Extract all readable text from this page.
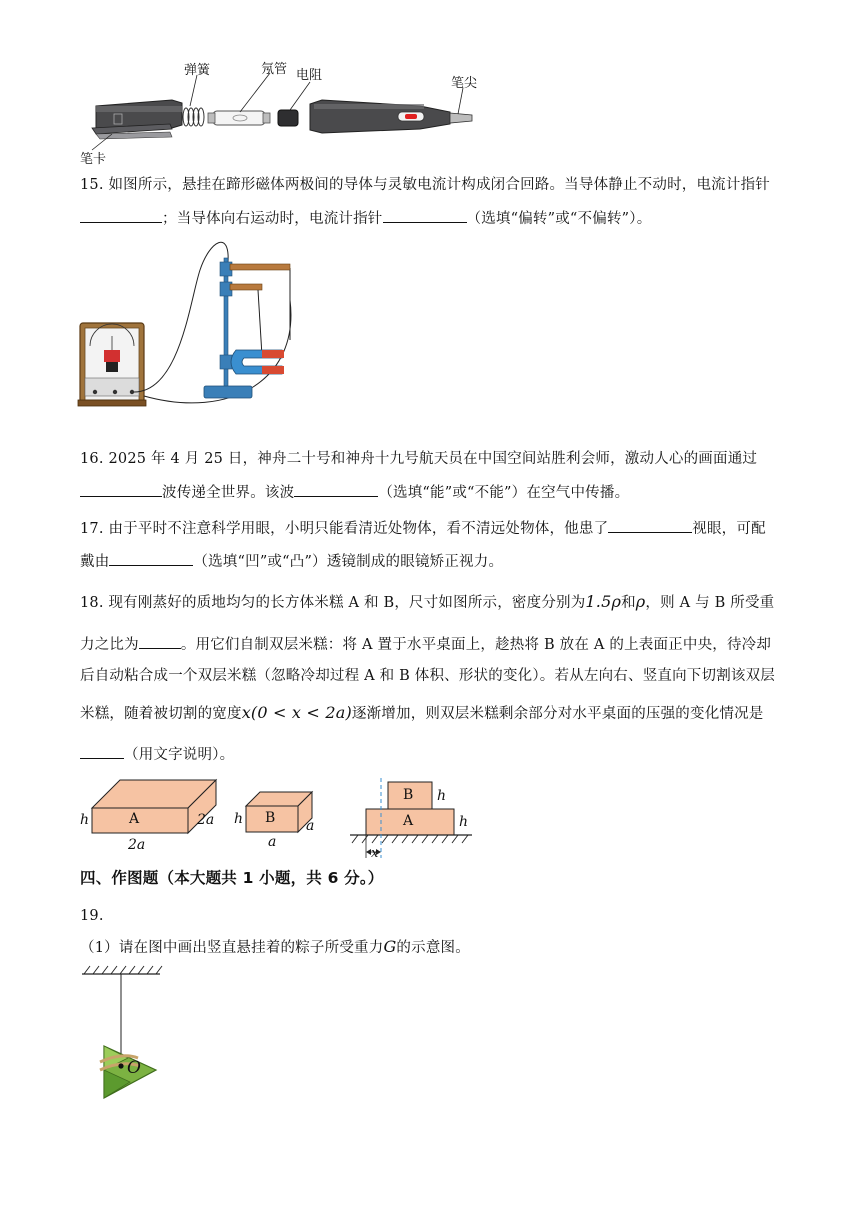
弹簧	氖管 电阻
笔尖
笔卡
15. 如图所示，悬挂在蹄形磁体两极间的导体与灵敏电流计构成闭合回路。当导体静止不动时，电流计指针
；当导体向右运动时，电流计指针	（选填“偏转”或“不偏转”）。
16. 2025 年 4 月 25 日，神舟二十号和神舟十九号航天员在中国空间站胜利会师，激动人心的画面通过
波传递全世界。该波	（选填“能”或“不能”）在空气中传播。
17. 由于平时不注意科学用眼，小明只能看清近处物体，看不清远处物体，他患了	视眼，可配
戴由	（选填“凹”或“凸”）透镜制成的眼镜矫正视力。
18. 现有刚蒸好的质地均匀的长方体米糕 A 和 B，尺寸如图所示，密度分别为1.5ρ和ρ，则 A 与 B 所受重
力之比为	。用它们自制双层米糕：将 A 置于水平桌面上，趁热将 B 放在 A 的上表面正中央，待冷却
后自动粘合成一个双层米糕（忽略冷却过程 A 和 B 体积、形状的变化）。若从左向右、竖直向下切割该双层
米糕，随着被切割的宽度x(0 < x < 2a)逐渐增加，则双层米糕剩余部分对水平桌面的压强的变化情况是
（用文字说明）。
h	A	2a
2a
h B a
a
B h
A	h
x
四、作图题（本大题共 1 小题，共 6 分。）
19.
（1）请在图中画出竖直悬挂着的粽子所受重力G的示意图。
O
